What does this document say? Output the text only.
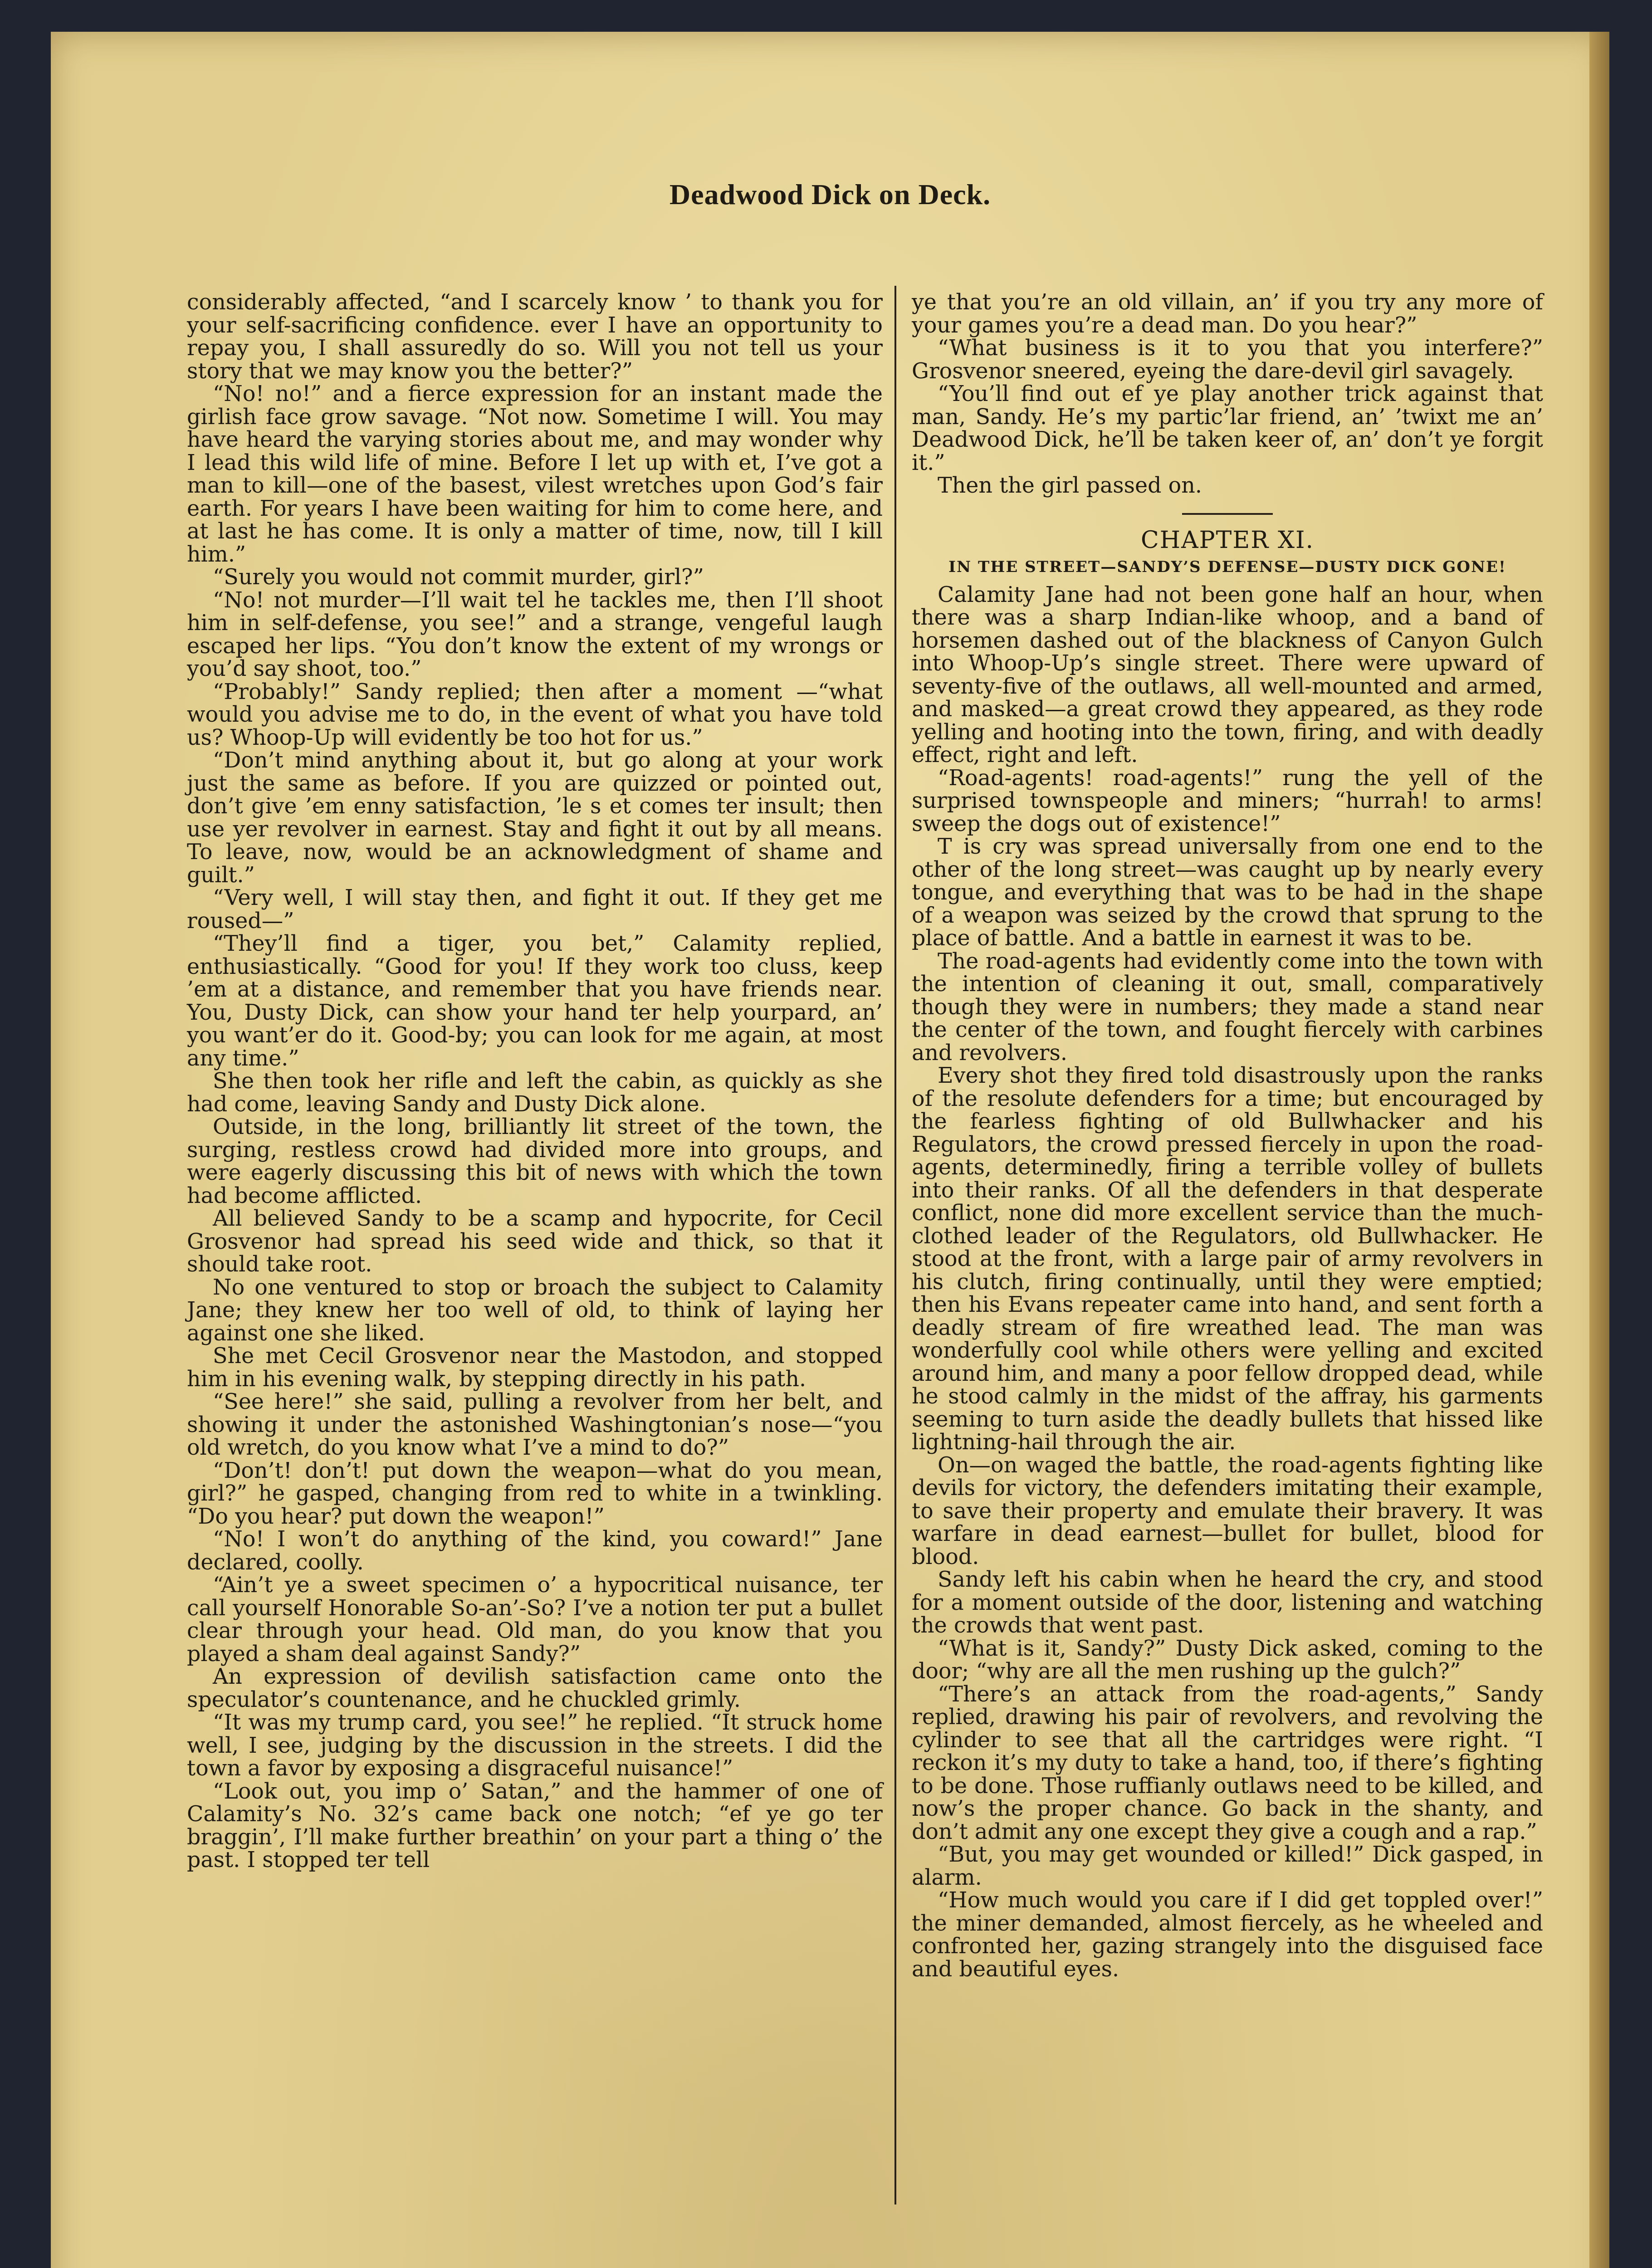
Deadwood Dick on Deck.

considerably affected, “and I scarcely know ’ to thank you for your self-sacrificing confidence. ever I have an opportunity to repay you, I shall assuredly do so. Will you not tell us your story that we may know you the better?”

“No! no!” and a fierce expression for an instant made the girlish face grow savage. “Not now. Sometime I will. You may have heard the varying stories about me, and may wonder why I lead this wild life of mine. Before I let up with et, I’ve got a man to kill—one of the basest, vilest wretches upon God’s fair earth. For years I have been waiting for him to come here, and at last he has come. It is only a matter of time, now, till I kill him.”

“Surely you would not commit murder, girl?”

“No! not murder—I’ll wait tel he tackles me, then I’ll shoot him in self-defense, you see!” and a strange, vengeful laugh escaped her lips. “You don’t know the extent of my wrongs or you’d say shoot, too.”

“Probably!” Sandy replied; then after a moment —“what would you advise me to do, in the event of what you have told us? Whoop-Up will evidently be too hot for us.”

“Don’t mind anything about it, but go along at your work just the same as before. If you are quizzed or pointed out, don’t give ’em enny satisfaction, ’le s et comes ter insult; then use yer revolver in earnest. Stay and fight it out by all means. To leave, now, would be an acknowledgment of shame and guilt.”

“Very well, I will stay then, and fight it out. If they get me roused—”

“They’ll find a tiger, you bet,” Calamity replied, enthusiastically. “Good for you! If they work too cluss, keep ’em at a distance, and remember that you have friends near. You, Dusty Dick, can show your hand ter help yourpard, an’ you want’er do it. Good-by; you can look for me again, at most any time.”

She then took her rifle and left the cabin, as quickly as she had come, leaving Sandy and Dusty Dick alone.

Outside, in the long, brilliantly lit street of the town, the surging, restless crowd had divided more into groups, and were eagerly discussing this bit of news with which the town had become afflicted.

All believed Sandy to be a scamp and hypocrite, for Cecil Grosvenor had spread his seed wide and thick, so that it should take root.

No one ventured to stop or broach the subject to Calamity Jane; they knew her too well of old, to think of laying her against one she liked.

She met Cecil Grosvenor near the Mastodon, and stopped him in his evening walk, by stepping directly in his path.

“See here!” she said, pulling a revolver from her belt, and showing it under the astonished Washingtonian’s nose—“you old wretch, do you know what I’ve a mind to do?”

“Don’t! don’t! put down the weapon—what do you mean, girl?” he gasped, changing from red to white in a twinkling. “Do you hear? put down the weapon!”

“No! I won’t do anything of the kind, you coward!” Jane declared, coolly.

“Ain’t ye a sweet specimen o’ a hypocritical nuisance, ter call yourself Honorable So-an’-So? I’ve a notion ter put a bullet clear through your head. Old man, do you know that you played a sham deal against Sandy?”

An expression of devilish satisfaction came onto the speculator’s countenance, and he chuckled grimly.

“It was my trump card, you see!” he replied. “It struck home well, I see, judging by the discussion in the streets. I did the town a favor by exposing a disgraceful nuisance!”

“Look out, you imp o’ Satan,” and the hammer of one of Calamity’s No. 32’s came back one notch; “ef ye go ter braggin’, I’ll make further breathin’ on your part a thing o’ the past. I stopped ter tell

ye that you’re an old villain, an’ if you try any more of your games you’re a dead man. Do you hear?”

“What business is it to you that you interfere?” Grosvenor sneered, eyeing the dare-devil girl savagely.

“You’ll find out ef ye play another trick against that man, Sandy. He’s my partic’lar friend, an’ ’twixt me an’ Deadwood Dick, he’ll be taken keer of, an’ don’t ye forgit it.”

Then the girl passed on.

CHAPTER XI.
IN THE STREET—SANDY’S DEFENSE—DUSTY DICK GONE!

Calamity Jane had not been gone half an hour, when there was a sharp Indian-like whoop, and a band of horsemen dashed out of the blackness of Canyon Gulch into Whoop-Up’s single street. There were upward of seventy-five of the outlaws, all well-mounted and armed, and masked—a great crowd they appeared, as they rode yelling and hooting into the town, firing, and with deadly effect, right and left.

“Road-agents! road-agents!” rung the yell of the surprised townspeople and miners; “hurrah! to arms! sweep the dogs out of existence!”

T is cry was spread universally from one end to the other of the long street—was caught up by nearly every tongue, and everything that was to be had in the shape of a weapon was seized by the crowd that sprung to the place of battle. And a battle in earnest it was to be.

The road-agents had evidently come into the town with the intention of cleaning it out, small, comparatively though they were in numbers; they made a stand near the center of the town, and fought fiercely with carbines and revolvers.

Every shot they fired told disastrously upon the ranks of the resolute defenders for a time; but encouraged by the fearless fighting of old Bullwhacker and his Regulators, the crowd pressed fiercely in upon the road-agents, determinedly, firing a terrible volley of bullets into their ranks. Of all the defenders in that desperate conflict, none did more excellent service than the much-clothed leader of the Regulators, old Bullwhacker. He stood at the front, with a large pair of army revolvers in his clutch, firing continually, until they were emptied; then his Evans repeater came into hand, and sent forth a deadly stream of fire wreathed lead. The man was wonderfully cool while others were yelling and excited around him, and many a poor fellow dropped dead, while he stood calmly in the midst of the affray, his garments seeming to turn aside the deadly bullets that hissed like lightning-hail through the air.

On—on waged the battle, the road-agents fighting like devils for victory, the defenders imitating their example, to save their property and emulate their bravery. It was warfare in dead earnest—bullet for bullet, blood for blood.

Sandy left his cabin when he heard the cry, and stood for a moment outside of the door, listening and watching the crowds that went past.

“What is it, Sandy?” Dusty Dick asked, coming to the door; “why are all the men rushing up the gulch?”

“There’s an attack from the road-agents,” Sandy replied, drawing his pair of revolvers, and revolving the cylinder to see that all the cartridges were right. “I reckon it’s my duty to take a hand, too, if there’s fighting to be done. Those ruffianly outlaws need to be killed, and now’s the proper chance. Go back in the shanty, and don’t admit any one except they give a cough and a rap.”

“But, you may get wounded or killed!” Dick gasped, in alarm.

“How much would you care if I did get toppled over!” the miner demanded, almost fiercely, as he wheeled and confronted her, gazing strangely into the disguised face and beautiful eyes.
